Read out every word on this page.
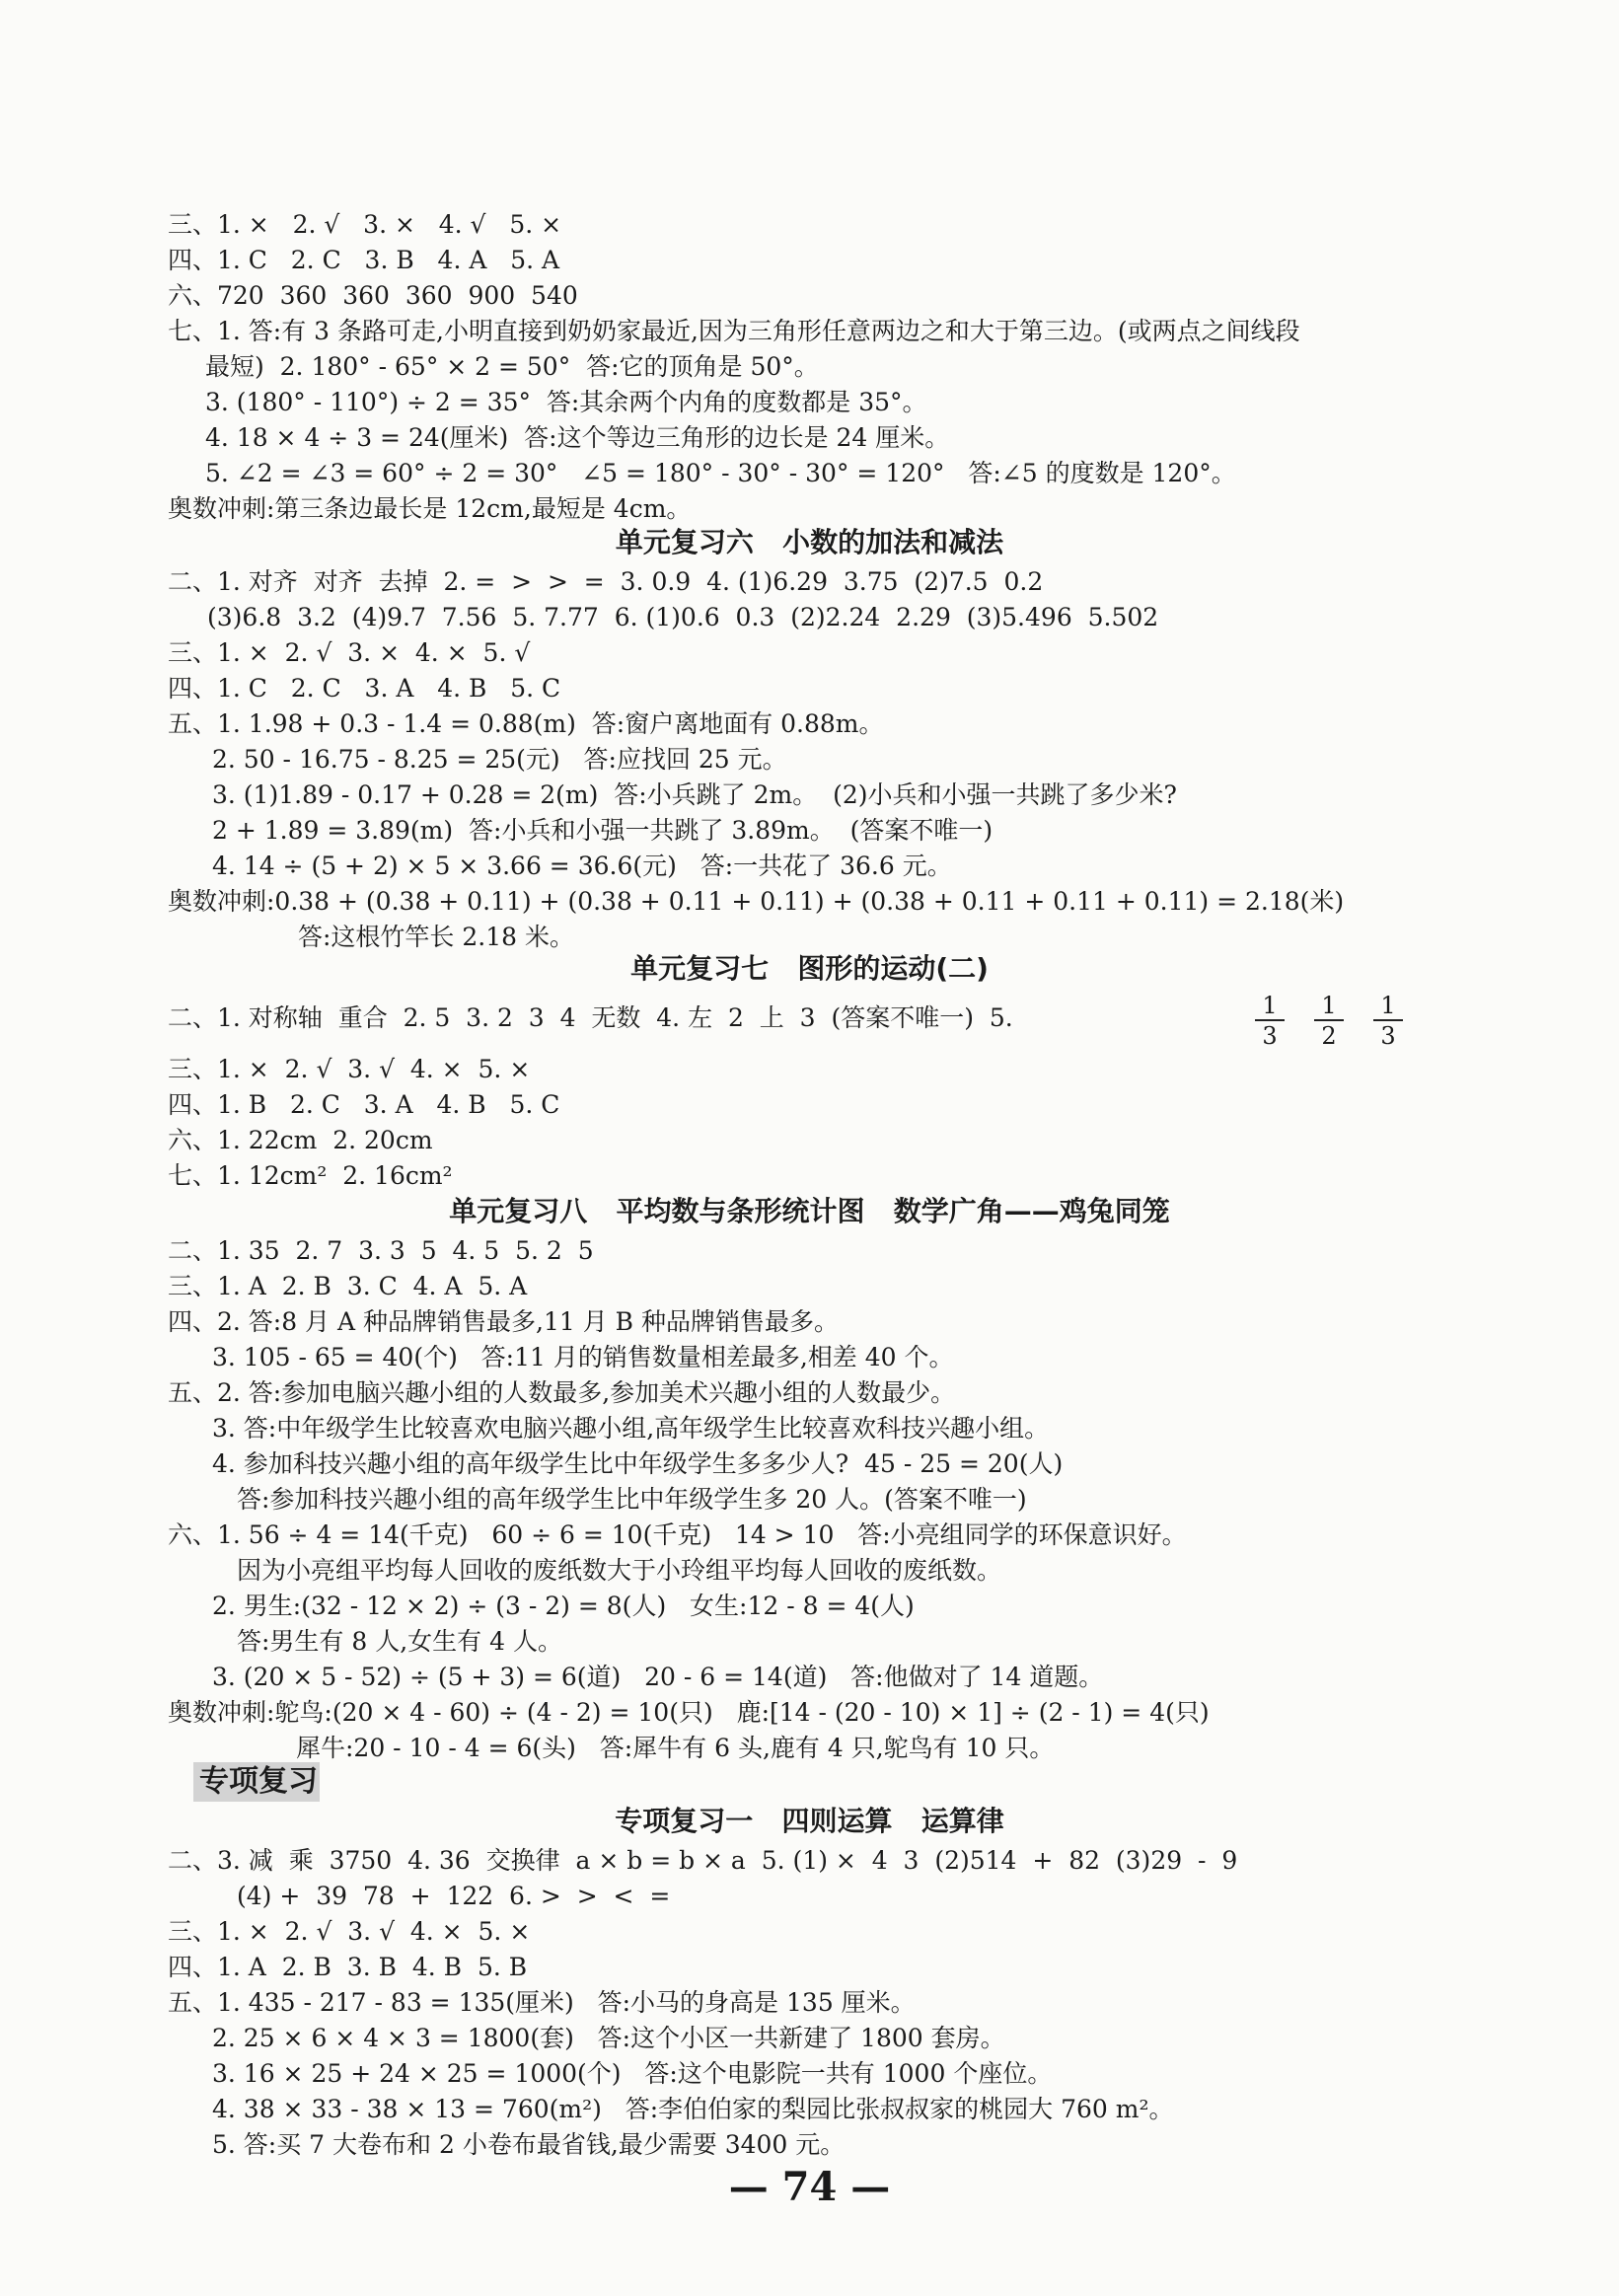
三、1. ×   2. √   3. ×   4. √   5. ×
四、1. C   2. C   3. B   4. A   5. A
六、720  360  360  360  900  540
七、1. 答:有 3 条路可走,小明直接到奶奶家最近,因为三角形任意两边之和大于第三边。(或两点之间线段
最短)  2. 180° - 65° × 2 = 50°  答:它的顶角是 50°。
3. (180° - 110°) ÷ 2 = 35°  答:其余两个内角的度数都是 35°。
4. 18 × 4 ÷ 3 = 24(厘米)  答:这个等边三角形的边长是 24 厘米。
5. ∠2 = ∠3 = 60° ÷ 2 = 30°   ∠5 = 180° - 30° - 30° = 120°   答:∠5 的度数是 120°。
奥数冲刺:第三条边最长是 12cm,最短是 4cm。
单元复习六   小数的加法和减法
二、1. 对齐  对齐  去掉  2. =  >  >  =  3. 0.9  4. (1)6.29  3.75  (2)7.5  0.2
(3)6.8  3.2  (4)9.7  7.56  5. 7.77  6. (1)0.6  0.3  (2)2.24  2.29  (3)5.496  5.502
三、1. ×  2. √  3. ×  4. ×  5. √
四、1. C   2. C   3. A   4. B   5. C
五、1. 1.98 + 0.3 - 1.4 = 0.88(m)  答:窗户离地面有 0.88m。
2. 50 - 16.75 - 8.25 = 25(元)   答:应找回 25 元。
3. (1)1.89 - 0.17 + 0.28 = 2(m)  答:小兵跳了 2m。  (2)小兵和小强一共跳了多少米?
2 + 1.89 = 3.89(m)  答:小兵和小强一共跳了 3.89m。  (答案不唯一)
4. 14 ÷ (5 + 2) × 5 × 3.66 = 36.6(元)   答:一共花了 36.6 元。
奥数冲刺:0.38 + (0.38 + 0.11) + (0.38 + 0.11 + 0.11) + (0.38 + 0.11 + 0.11 + 0.11) = 2.18(米)
答:这根竹竿长 2.18 米。
单元复习七   图形的运动(二)
二、1. 对称轴  重合  2. 5  3. 2  3  4  无数  4. 左  2  上  3  (答案不唯一)  5.	$\frac{1}{3} \frac{1}{2} \frac{1}{3}$
三、1. ×  2. √  3. √  4. ×  5. ×
四、1. B   2. C   3. A   4. B   5. C
六、1. 22cm  2. 20cm
七、1. 12cm²  2. 16cm²
单元复习八   平均数与条形统计图   数学广角——鸡兔同笼
二、1. 35  2. 7  3. 3  5  4. 5  5. 2  5
三、1. A  2. B  3. C  4. A  5. A
四、2. 答:8 月 A 种品牌销售最多,11 月 B 种品牌销售最多。
3. 105 - 65 = 40(个)   答:11 月的销售数量相差最多,相差 40 个。
五、2. 答:参加电脑兴趣小组的人数最多,参加美术兴趣小组的人数最少。
3. 答:中年级学生比较喜欢电脑兴趣小组,高年级学生比较喜欢科技兴趣小组。
4. 参加科技兴趣小组的高年级学生比中年级学生多多少人?  45 - 25 = 20(人)
答:参加科技兴趣小组的高年级学生比中年级学生多 20 人。(答案不唯一)
六、1. 56 ÷ 4 = 14(千克)   60 ÷ 6 = 10(千克)   14 > 10   答:小亮组同学的环保意识好。
因为小亮组平均每人回收的废纸数大于小玲组平均每人回收的废纸数。
2. 男生:(32 - 12 × 2) ÷ (3 - 2) = 8(人)   女生:12 - 8 = 4(人)
答:男生有 8 人,女生有 4 人。
3. (20 × 5 - 52) ÷ (5 + 3) = 6(道)   20 - 6 = 14(道)   答:他做对了 14 道题。
奥数冲刺:鸵鸟:(20 × 4 - 60) ÷ (4 - 2) = 10(只)   鹿:[14 - (20 - 10) × 1] ÷ (2 - 1) = 4(只)
犀牛:20 - 10 - 4 = 6(头)   答:犀牛有 6 头,鹿有 4 只,鸵鸟有 10 只。
专项复习
专项复习一   四则运算   运算律
二、3. 减  乘  3750  4. 36  交换律  a × b = b × a  5. (1) ×  4  3  (2)514  +  82  (3)29  -  9
(4) +  39  78  +  122  6. >  >  <  =
三、1. ×  2. √  3. √  4. ×  5. ×
四、1. A  2. B  3. B  4. B  5. B
五、1. 435 - 217 - 83 = 135(厘米)   答:小马的身高是 135 厘米。
2. 25 × 6 × 4 × 3 = 1800(套)   答:这个小区一共新建了 1800 套房。
3. 16 × 25 + 24 × 25 = 1000(个)   答:这个电影院一共有 1000 个座位。
4. 38 × 33 - 38 × 13 = 760(m²)   答:李伯伯家的梨园比张叔叔家的桃园大 760 m²。
5. 答:买 7 大卷布和 2 小卷布最省钱,最少需要 3400 元。
— 74 —
